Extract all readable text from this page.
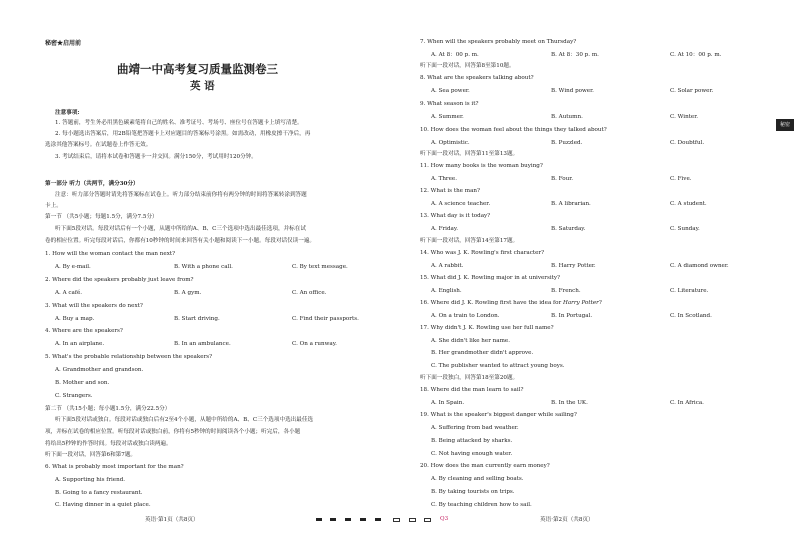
秘密★启用前
曲靖一中高考复习质量监测卷三
英 语
注意事项:
1. 答题前，考生务必用黑色碳素笔将自己的姓名、准考证号、考场号、座位号在答题卡上填写清楚。
2. 每小题选出答案后，用2B铅笔把答题卡上对应题目的答案标号涂黑。如需改动，用橡皮擦干净后，再
选涂其他答案标号。在试题卷上作答无效。
3. 考试结束后，请将本试卷和答题卡一并交回。满分150分，考试用时120分钟。
第一部分 听力（共两节，满分30分）
注意：听力部分答题时请先将答案标在试卷上。听力部分结束前你将有两分钟的时间将答案转涂到答题
卡上。
第一节 （共5小题；每题1.5分，满分7.5分）
听下面5段对话。每段对话后有一个小题，从题中所给的A、B、C三个选项中选出最佳选项，并标在试
卷的相应位置。听完每段对话后，你都有10秒钟的时间来回答有关小题和阅读下一小题。每段对话仅读一遍。
1. How will the woman contact the man next?
A. By e-mail.	B. With a phone call.	C. By text message.
2. Where did the speakers probably just leave from?
A. A café.	B. A gym.	C. An office.
3. What will the speakers do next?
A. Buy a map.	B. Start driving.	C. Find their passports.
4. Where are the speakers?
A. In an airplane.	B. In an ambulance.	C. On a runway.
5. What's the probable relationship between the speakers?
A. Grandmother and grandson.
B. Mother and son.
C. Strangers.
第二节 （共15小题；每小题1.5分，满分22.5分）
听下面5段对话或独白。每段对话或独白后有2至4个小题，从题中所给的A、B、C三个选项中选出最佳选
项，并标在试卷的相应位置。听每段对话或独白前，你将有5秒钟的时间阅读各个小题；听完后，各小题
将给出5秒钟的作答时间。每段对话或独白读两遍。
听下面一段对话，回答第6和第7题。
6. What is probably most important for the man?
A. Supporting his friend.
B. Going to a fancy restaurant.
C. Having dinner in a quiet place.
英语·第1页（共8页）	Q3
7. When will the speakers probably meet on Thursday?
A. At 8：00 p. m.	B. At 8：30 p. m.	C. At 10：00 p. m.
听下面一段对话，回答第8至第10题。
8. What are the speakers talking about?
A. Sea power.	B. Wind power.	C. Solar power.
9. What season is it?
A. Summer.	B. Autumn.	C. Winter.
10. How does the woman feel about the things they talked about?
A. Optimistic.	B. Puzzled.	C. Doubtful.
听下面一段对话，回答第11至第13题。
11. How many books is the woman buying?
A. Three.	B. Four.	C. Five.
12. What is the man?
A. A science teacher.	B. A librarian.	C. A student.
13. What day is it today?
A. Friday.	B. Saturday.	C. Sunday.
听下面一段对话，回答第14至第17题。
14. Who was J. K. Rowling's first character?
A. A rabbit.	B. Harry Potter.	C. A diamond owner.
15. What did J. K. Rowling major in at university?
A. English.	B. French.	C. Literature.
16. Where did J. K. Rowling first have the idea for Harry Potter?
A. On a train to London.	B. In Portugal.	C. In Scotland.
17. Why didn't J. K. Rowling use her full name?
A. She didn't like her name.
B. Her grandmother didn't approve.
C. The publisher wanted to attract young boys.
听下面一段独白，回答第18至第20题。
18. Where did the man learn to sail?
A. In Spain.	B. In the UK.	C. In Africa.
19. What is the speaker's biggest danger while sailing?
A. Suffering from bad weather.
B. Being attacked by sharks.
C. Not having enough water.
20. How does the man currently earn money?
A. By cleaning and selling boats.
B. By taking tourists on trips.
C. By teaching children how to sail.
英语·第2页（共8页）
秘密
